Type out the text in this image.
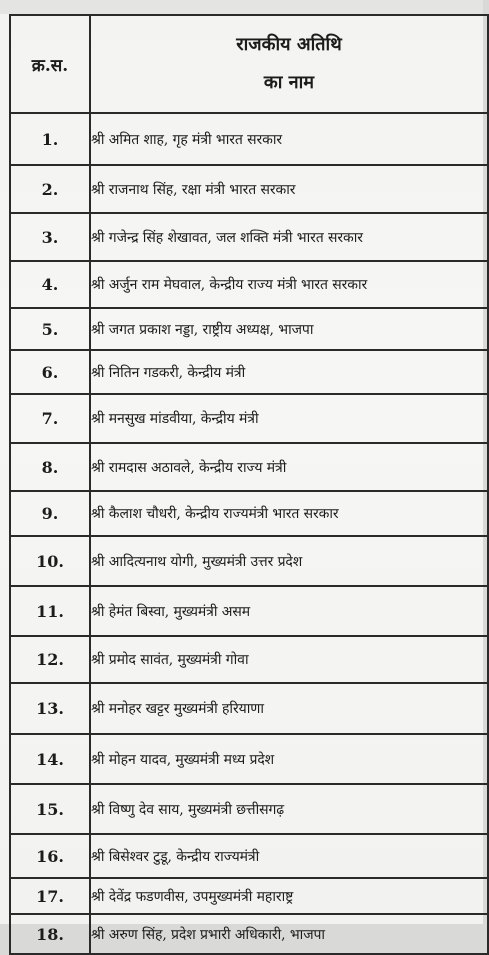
क्र.स.	राजकीय अतिथि
का नाम

1.	श्री अमित शाह, गृह मंत्री भारत सरकार
2.	श्री राजनाथ सिंह, रक्षा मंत्री भारत सरकार
3.	श्री गजेन्द्र सिंह शेखावत, जल शक्ति मंत्री भारत सरकार
4.	श्री अर्जुन राम मेघवाल, केन्द्रीय राज्य मंत्री भारत सरकार
5.	श्री जगत प्रकाश नड्डा, राष्ट्रीय अध्यक्ष, भाजपा
6.	श्री नितिन गडकरी, केन्द्रीय मंत्री
7.	श्री मनसुख मांडवीया, केन्द्रीय मंत्री
8.	श्री रामदास अठावले, केन्द्रीय राज्य मंत्री
9.	श्री कैलाश चौधरी, केन्द्रीय राज्यमंत्री भारत सरकार
10.	श्री आदित्यनाथ योगी, मुख्यमंत्री उत्तर प्रदेश
11.	श्री हेमंत बिस्वा, मुख्यमंत्री असम
12.	श्री प्रमोद सावंत, मुख्यमंत्री गोवा
13.	श्री मनोहर खट्टर मुख्यमंत्री हरियाणा
14.	श्री मोहन यादव, मुख्यमंत्री मध्य प्रदेश
15.	श्री विष्णु देव साय, मुख्यमंत्री छत्तीसगढ़
16.	श्री बिसेश्वर टुडू, केन्द्रीय राज्यमंत्री
17.	श्री देवेंद्र फडणवीस, उपमुख्यमंत्री महाराष्ट्र
18.	श्री अरुण सिंह, प्रदेश प्रभारी अधिकारी, भाजपा
